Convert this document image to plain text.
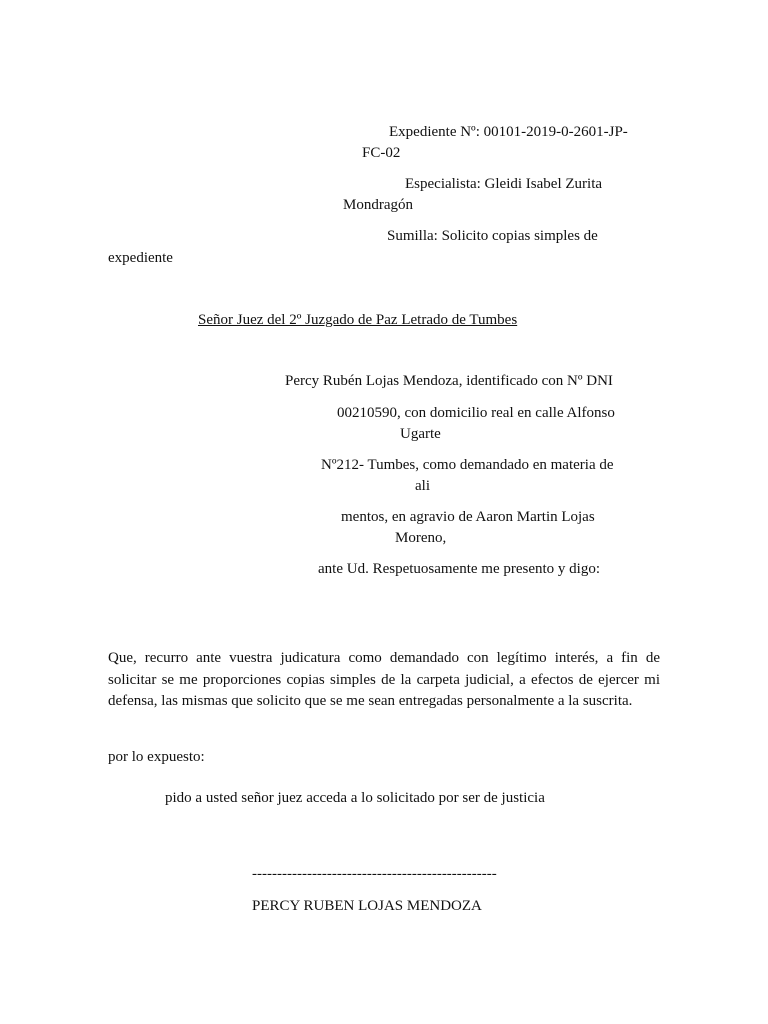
Expediente Nº: 00101-2019-0-2601-JP-

FC-02

Especialista: Gleidi Isabel Zurita

Mondragón

Sumilla: Solicito copias simples de

expediente

Señor Juez del 2º Juzgado de Paz Letrado de Tumbes

Percy Rubén Lojas Mendoza, identificado con Nº DNI

00210590, con domicilio real en calle Alfonso

Ugarte

Nº212- Tumbes, como demandado en materia de

ali

mentos, en agravio de Aaron Martin Lojas

Moreno,

ante Ud. Respetuosamente me presento y digo:

Que, recurro ante vuestra judicatura como demandado con legítimo interés, a fin de solicitar se me proporciones copias simples de la carpeta judicial, a efectos de ejercer mi defensa, las mismas que solicito que se me sean entregadas personalmente a la suscrita.

por lo expuesto:

pido a usted señor juez acceda a lo solicitado por ser de justicia

-------------------------------------------------

PERCY RUBEN LOJAS MENDOZA
